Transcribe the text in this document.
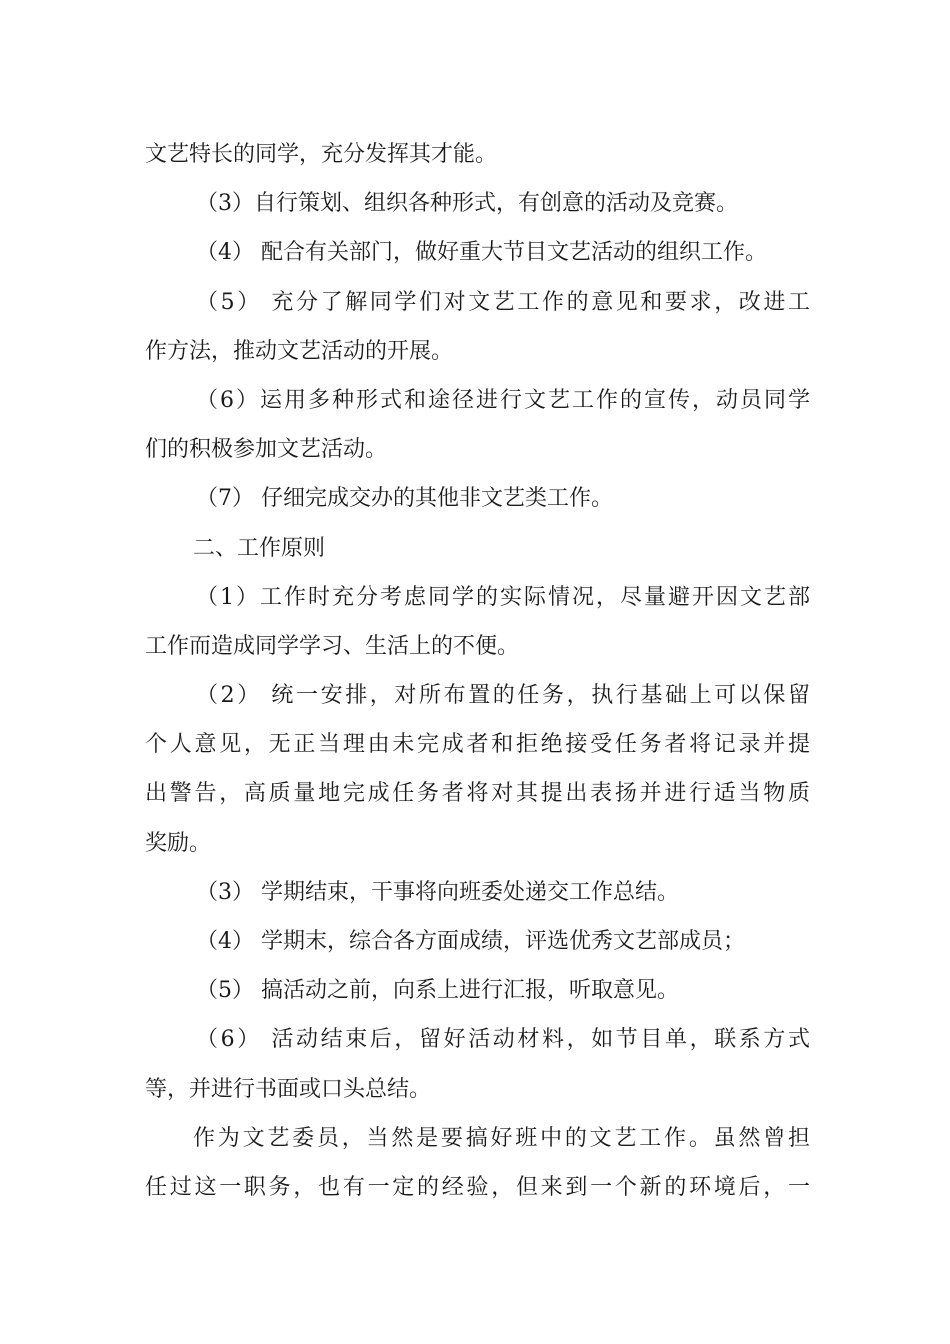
文艺特长的同学，充分发挥其才能。

（3）自行策划、组织各种形式，有创意的活动及竞赛。

（4） 配合有关部门，做好重大节目文艺活动的组织工作。

（5） 充分了解同学们对文艺工作的意见和要求，改进工

作方法，推动文艺活动的开展。

（6）运用多种形式和途径进行文艺工作的宣传，动员同学

们的积极参加文艺活动。

（7） 仔细完成交办的其他非文艺类工作。

二、工作原则

（1）工作时充分考虑同学的实际情况，尽量避开因文艺部

工作而造成同学学习、生活上的不便。

（2） 统一安排，对所布置的任务，执行基础上可以保留

个人意见，无正当理由未完成者和拒绝接受任务者将记录并提

出警告，高质量地完成任务者将对其提出表扬并进行适当物质

奖励。

（3） 学期结束，干事将向班委处递交工作总结。

（4） 学期末，综合各方面成绩，评选优秀文艺部成员；

（5） 搞活动之前，向系上进行汇报，听取意见。

（6） 活动结束后，留好活动材料，如节目单，联系方式

等，并进行书面或口头总结。

作为文艺委员，当然是要搞好班中的文艺工作。虽然曾担

任过这一职务，也有一定的经验，但来到一个新的环境后，一
